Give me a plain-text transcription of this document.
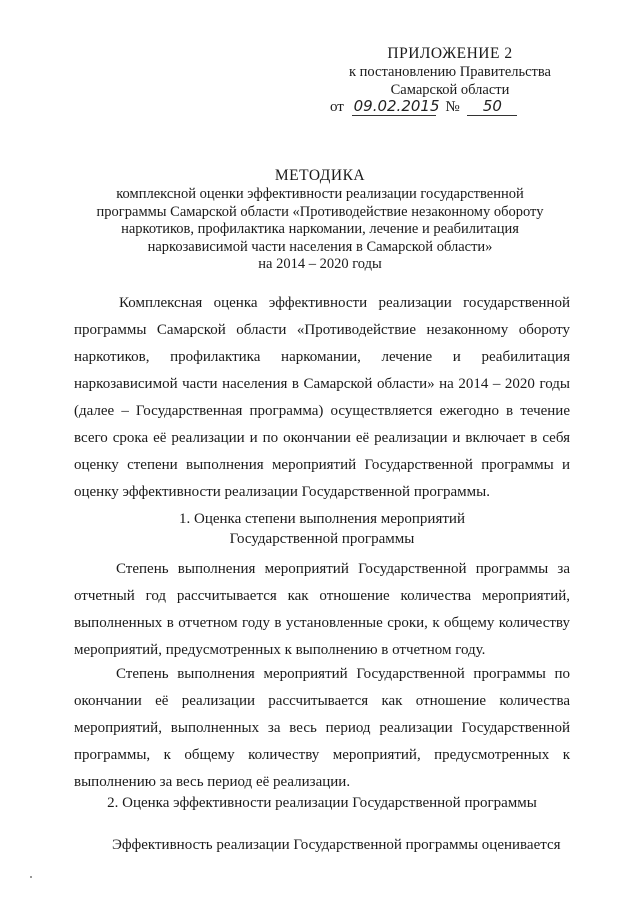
ПРИЛОЖЕНИЕ 2
к постановлению Правительства
Самарской области
от 09.02.2015 № 50
МЕТОДИКА
комплексной оценки эффективности реализации государственной
программы Самарской области «Противодействие незаконному обороту
наркотиков, профилактика наркомании, лечение и реабилитация
наркозависимой части населения в Самарской области»
на 2014 – 2020 годы
Комплексная оценка эффективности реализации государственной программы Самарской области «Противодействие незаконному обороту наркотиков, профилактика наркомании, лечение и реабилитация наркозависимой части населения в Самарской области» на 2014 – 2020 годы (далее – Государственная программа) осуществляется ежегодно в течение всего срока её реализации и по окончании её реализации и включает в себя оценку степени выполнения мероприятий Государственной программы и оценку эффективности реализации Государственной программы.
1. Оценка степени выполнения мероприятий
Государственной программы
Степень выполнения мероприятий Государственной программы за отчетный год рассчитывается как отношение количества мероприятий, выполненных в отчетном году в установленные сроки, к общему количеству мероприятий, предусмотренных к выполнению в отчетном году.
Степень выполнения мероприятий Государственной программы по окончании её реализации рассчитывается как отношение количества мероприятий, выполненных за весь период реализации Государственной программы, к общему количеству мероприятий, предусмотренных к выполнению за весь период её реализации.
2. Оценка эффективности реализации Государственной программы
Эффективность реализации Государственной программы оценивается
